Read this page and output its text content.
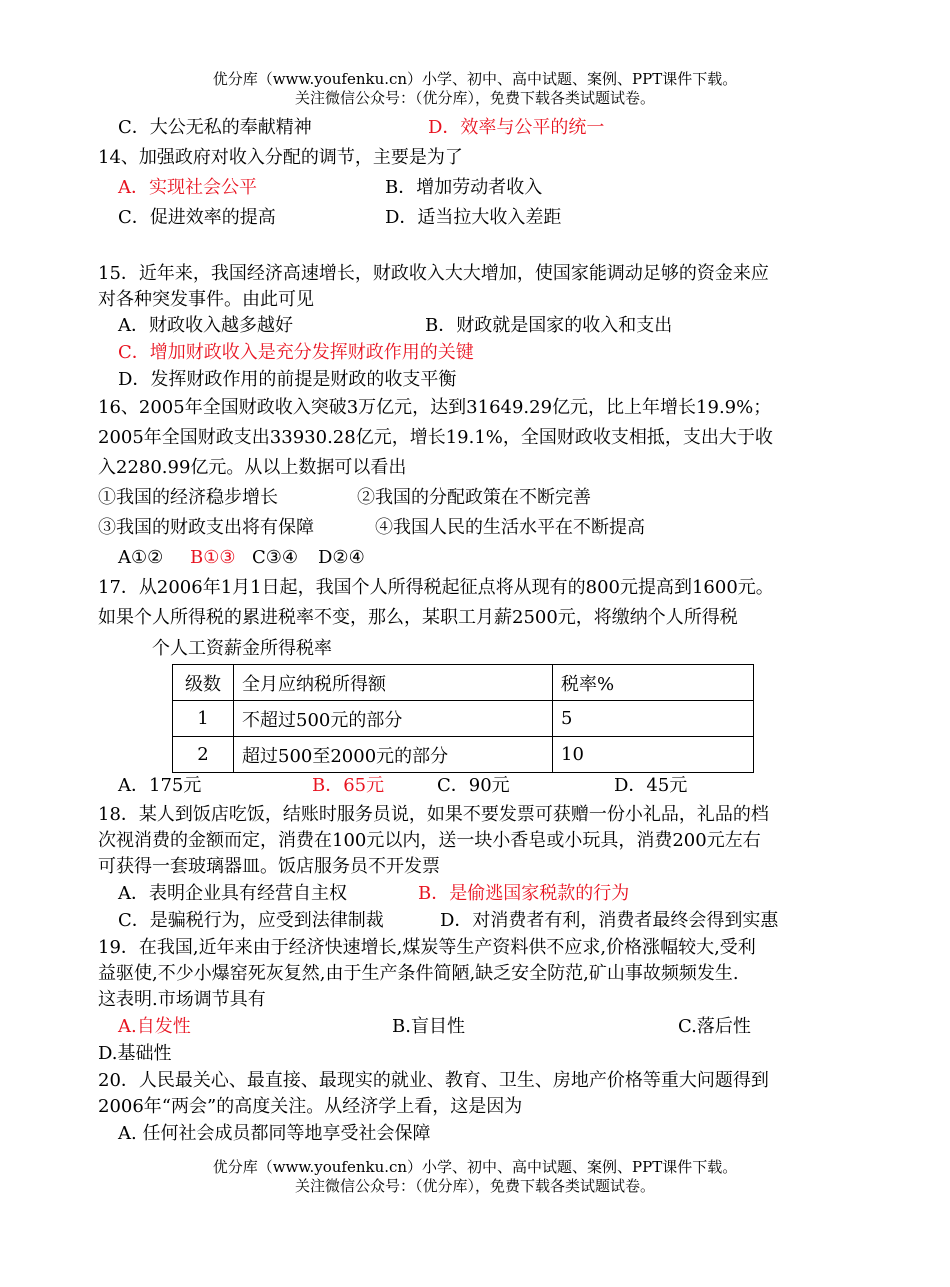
优分库（www.youfenku.cn）小学、初中、高中试题、案例、PPT课件下载。
关注微信公众号：（优分库），免费下载各类试题试卷。
C．大公无私的奉献精神	D．效率与公平的统一
14、加强政府对收入分配的调节，主要是为了
A．实现社会公平	B．增加劳动者收入
C．促进效率的提高	D．适当拉大收入差距
15．近年来，我国经济高速增长，财政收入大大增加，使国家能调动足够的资金来应
对各种突发事件。由此可见
A．财政收入越多越好	B．财政就是国家的收入和支出
C．增加财政收入是充分发挥财政作用的关键
D．发挥财政作用的前提是财政的收支平衡
16、2005年全国财政收入突破3万亿元，达到31649.29亿元，比上年增长19.9%；
2005年全国财政支出33930.28亿元，增长19.1%，全国财政收支相抵，支出大于收
入2280.99亿元。从以上数据可以看出
①我国的经济稳步增长	②我国的分配政策在不断完善
③我国的财政支出将有保障	④我国人民的生活水平在不断提高
A①② B①③ C③④ D②④
17．从2006年1月1日起，我国个人所得税起征点将从现有的800元提高到1600元。
如果个人所得税的累进税率不变，那么，某职工月薪2500元，将缴纳个人所得税
个人工资薪金所得税率
级数	全月应纳税所得额	税率%
1	不超过500元的部分	5
2	超过500至2000元的部分	10
A．175元	B．65元	C．90元	D．45元
18．某人到饭店吃饭，结账时服务员说，如果不要发票可获赠一份小礼品，礼品的档
次视消费的金额而定，消费在100元以内，送一块小香皂或小玩具，消费200元左右
可获得一套玻璃器皿。饭店服务员不开发票
A．表明企业具有经营自主权	B．是偷逃国家税款的行为
C．是骗税行为，应受到法律制裁	D．对消费者有利，消费者最终会得到实惠
19．在我国,近年来由于经济快速增长,煤炭等生产资料供不应求,价格涨幅较大,受利
益驱使,不少小爆窑死灰复然,由于生产条件简陋,缺乏安全防范,矿山事故频频发生.
这表明.市场调节具有
A.自发性	B.盲目性	C.落后性
D.基础性
20．人民最关心、最直接、最现实的就业、教育、卫生、房地产价格等重大问题得到
2006年“两会”的高度关注。从经济学上看，这是因为
A. 任何社会成员都同等地享受社会保障
优分库（www.youfenku.cn）小学、初中、高中试题、案例、PPT课件下载。
关注微信公众号：（优分库），免费下载各类试题试卷。
